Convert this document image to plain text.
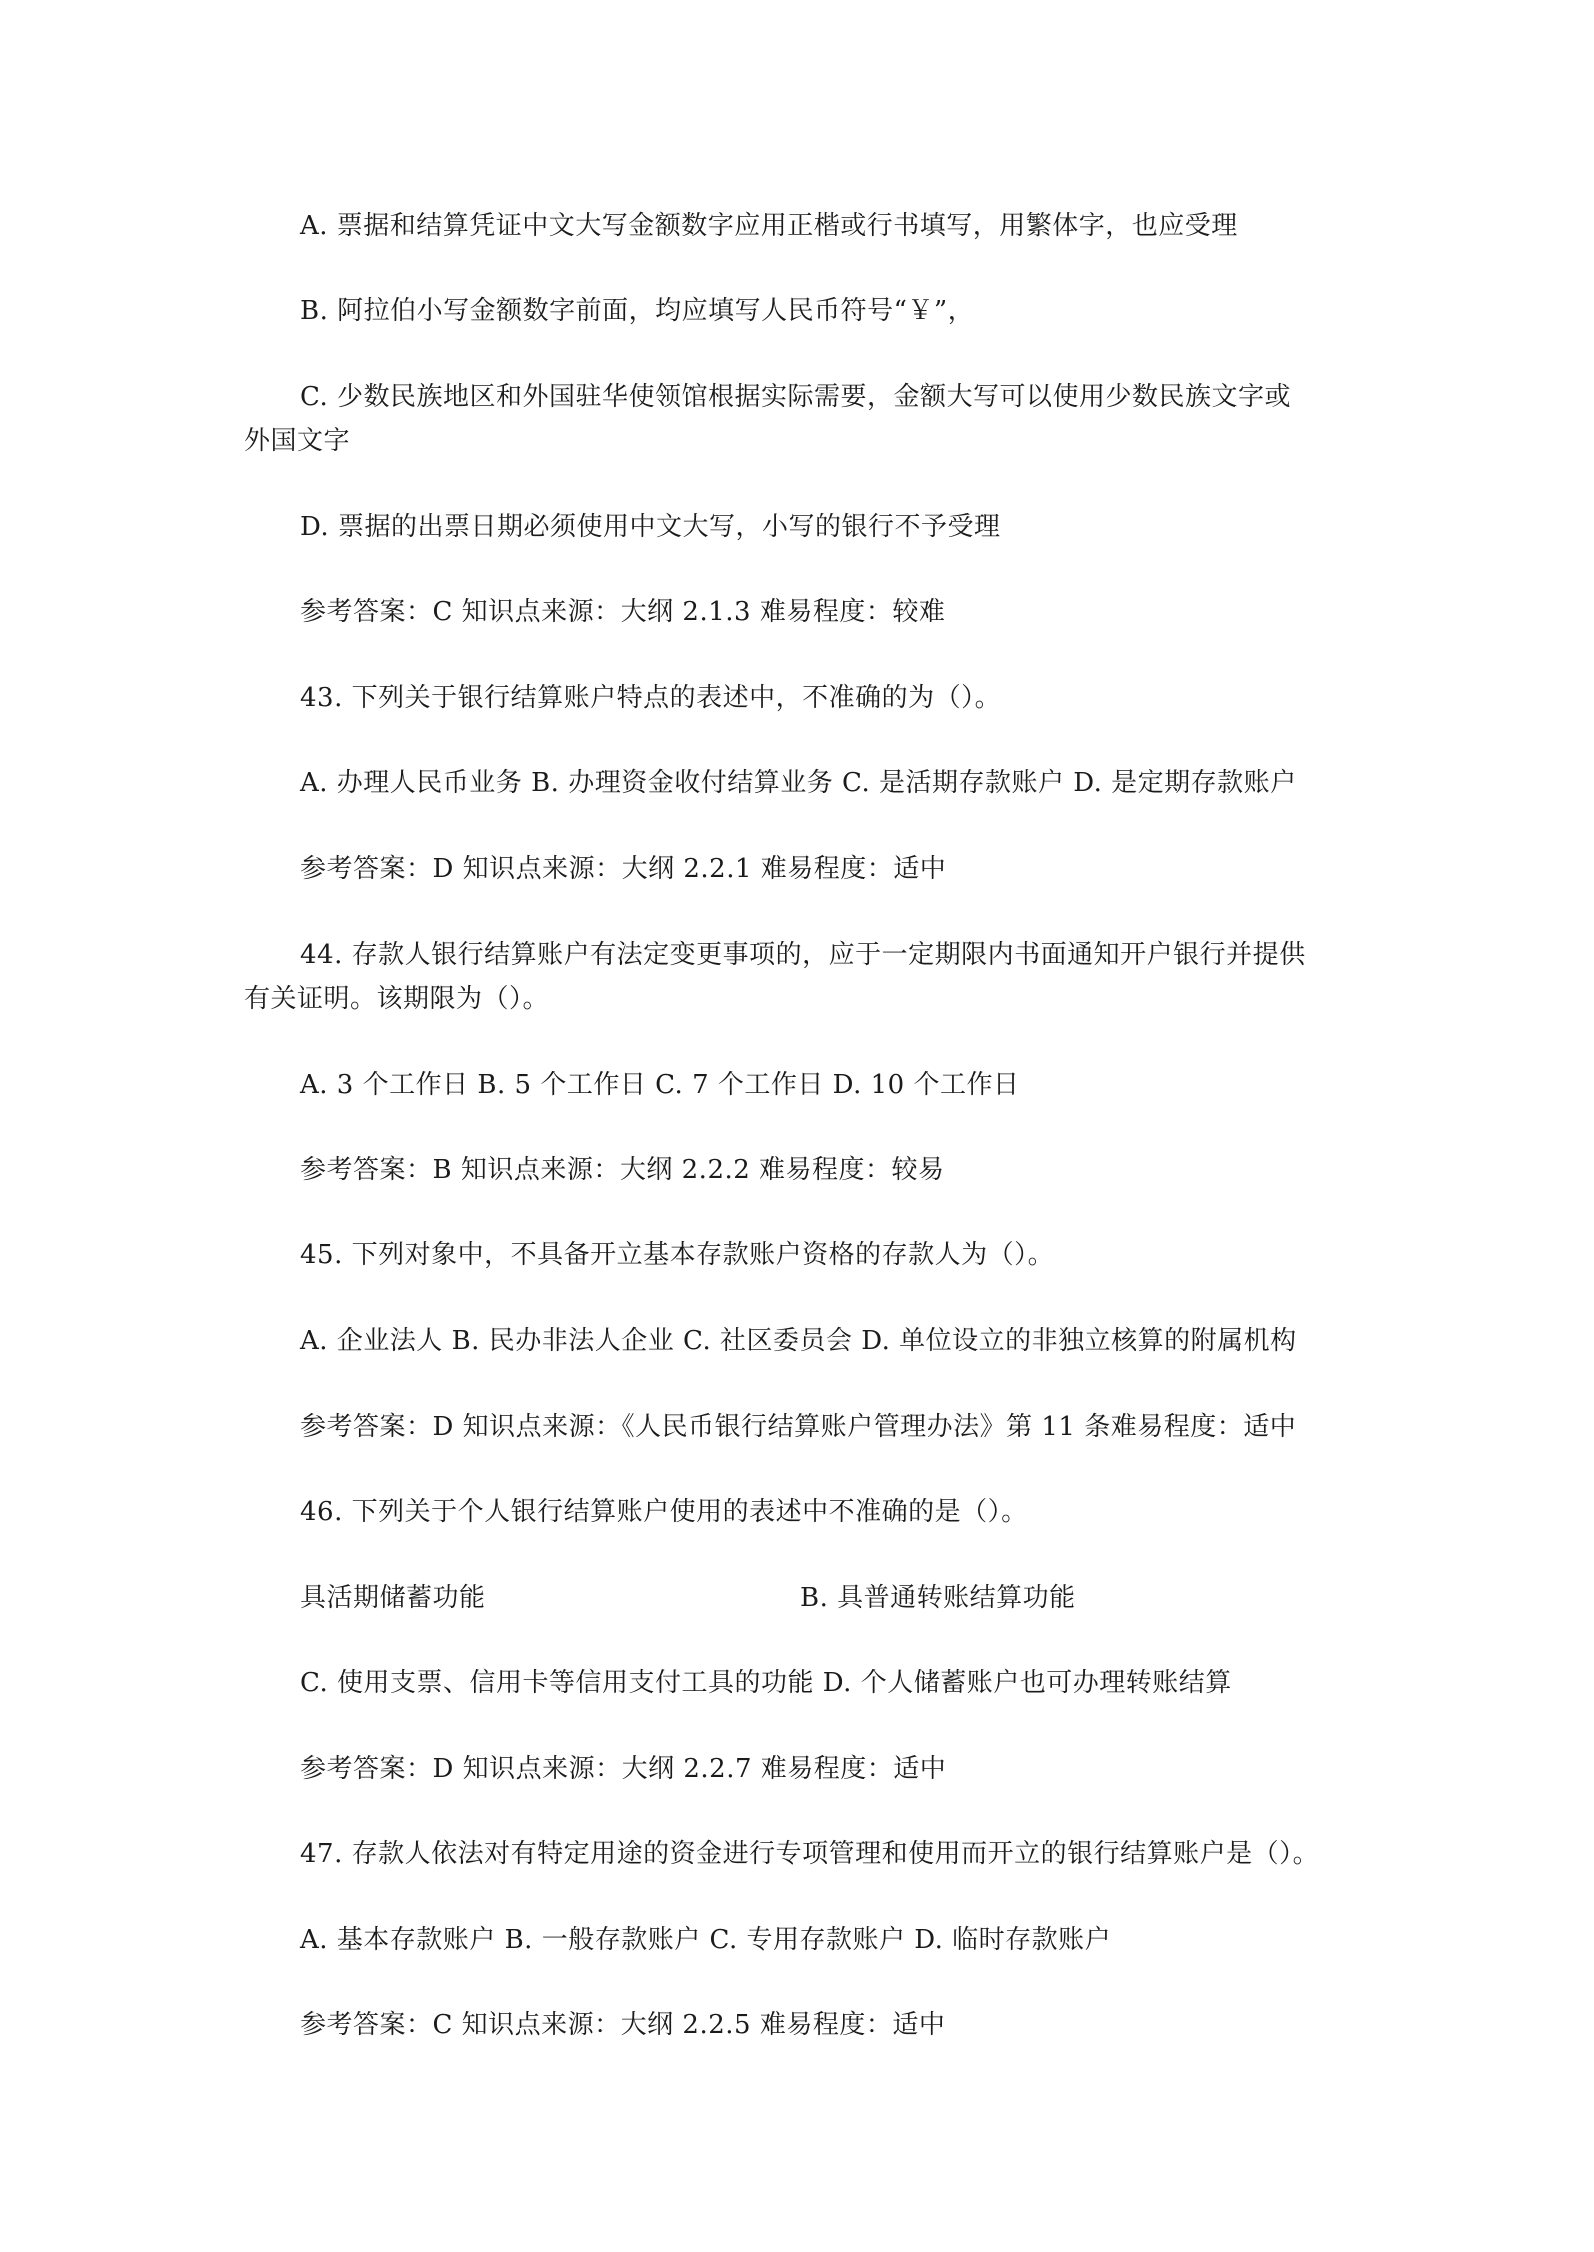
A. 票据和结算凭证中文大写金额数字应用正楷或行书填写，用繁体字，也应受理

B. 阿拉伯小写金额数字前面，均应填写人民币符号“￥”，

C. 少数民族地区和外国驻华使领馆根据实际需要，金额大写可以使用少数民族文字或

外国文字

D. 票据的出票日期必须使用中文大写，小写的银行不予受理

参考答案：C 知识点来源：大纲 2.1.3 难易程度：较难

43. 下列关于银行结算账户特点的表述中，不准确的为（）。

A. 办理人民币业务 B. 办理资金收付结算业务 C. 是活期存款账户 D. 是定期存款账户

参考答案：D 知识点来源：大纲 2.2.1 难易程度：适中

44. 存款人银行结算账户有法定变更事项的，应于一定期限内书面通知开户银行并提供

有关证明。该期限为（）。

A. 3 个工作日 B. 5 个工作日 C. 7 个工作日 D. 10 个工作日

参考答案：B 知识点来源：大纲 2.2.2 难易程度：较易

45. 下列对象中，不具备开立基本存款账户资格的存款人为（）。

A. 企业法人 B. 民办非法人企业 C. 社区委员会 D. 单位设立的非独立核算的附属机构

参考答案：D 知识点来源：《人民币银行结算账户管理办法》第 11 条难易程度：适中

46. 下列关于个人银行结算账户使用的表述中不准确的是（）。

具活期储蓄功能	B. 具普通转账结算功能

C. 使用支票、信用卡等信用支付工具的功能 D. 个人储蓄账户也可办理转账结算

参考答案：D 知识点来源：大纲 2.2.7 难易程度：适中

47. 存款人依法对有特定用途的资金进行专项管理和使用而开立的银行结算账户是（）。

A. 基本存款账户 B. 一般存款账户 C. 专用存款账户 D. 临时存款账户

参考答案：C 知识点来源：大纲 2.2.5 难易程度：适中
